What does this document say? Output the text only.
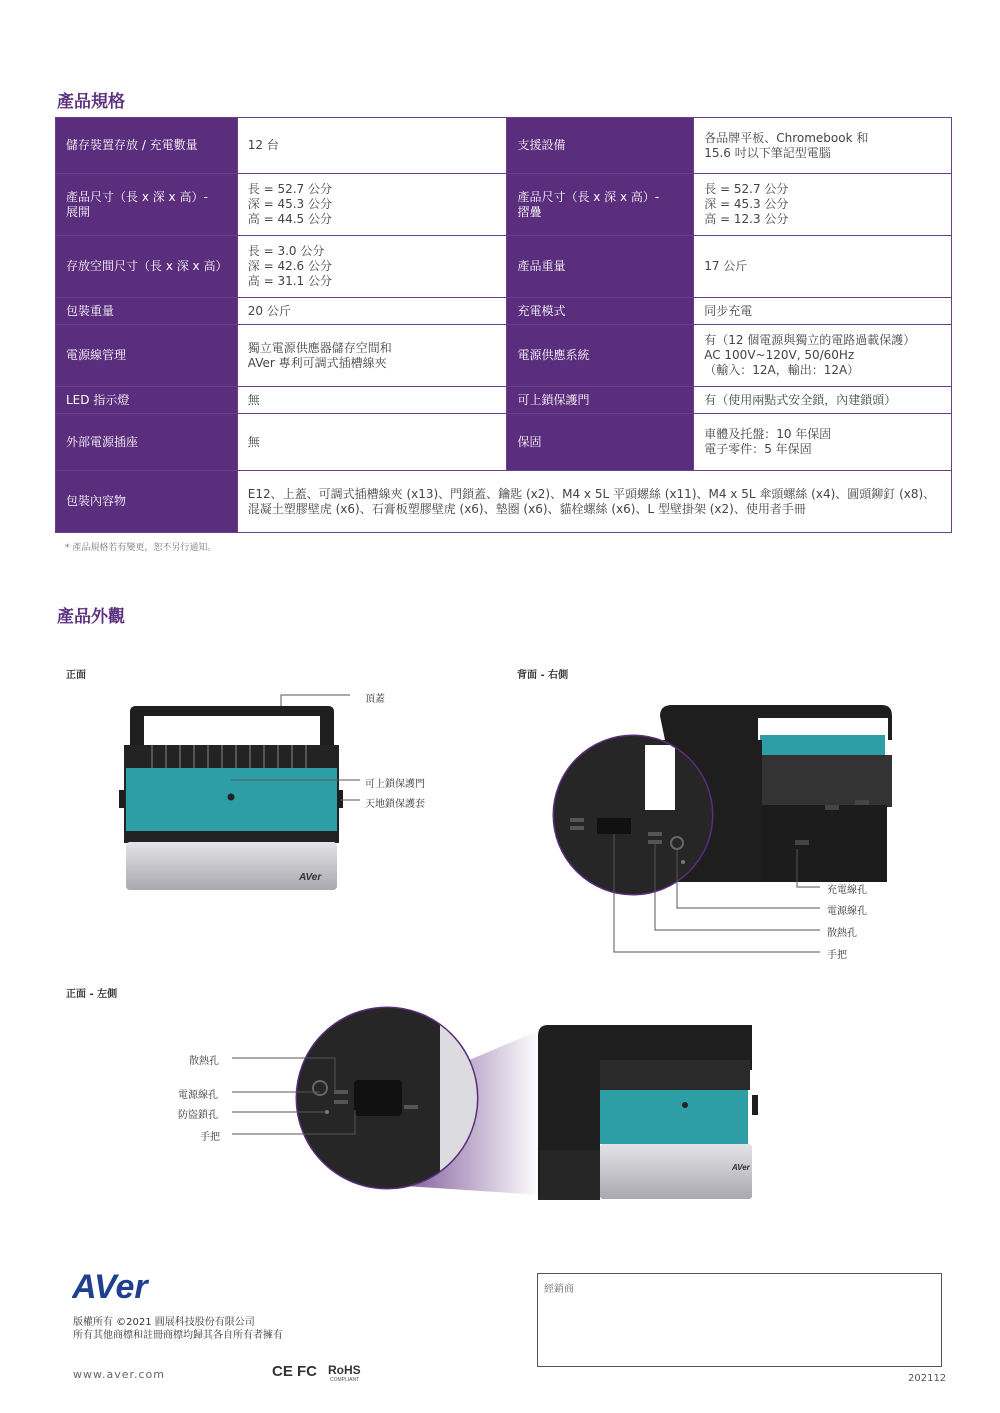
產品規格
儲存裝置存放 / 充電數量	12 台	支援設備	各品牌平板、Chromebook 和
15.6 吋以下筆記型電腦
產品尺寸（長 x 深 x 高）-
展開	長 = 52.7 公分
深 = 45.3 公分
高 = 44.5 公分	產品尺寸（長 x 深 x 高）-
摺疊	長 = 52.7 公分
深 = 45.3 公分
高 = 12.3 公分
存放空間尺寸（長 x 深 x 高）	長 = 3.0 公分
深 = 42.6 公分
高 = 31.1 公分	產品重量	17 公斤
包裝重量	20 公斤	充電模式	同步充電
電源線管理	獨立電源供應器儲存空間和
AVer 專利可調式插槽線夾	電源供應系統	有（12 個電源與獨立的電路過載保護）
AC 100V~120V, 50/60Hz
（輸入：12A，輸出：12A）
LED 指示燈	無	可上鎖保護門	有（使用兩點式安全鎖，內建鎖頭）
外部電源插座	無	保固	車體及托盤：10 年保固
電子零件：5 年保固
包裝內容物	E12、上蓋、可調式插槽線夾 (x13)、門鎖蓋、鑰匙 (x2)、M4 x 5L 平頭螺絲 (x11)、M4 x 5L 傘頭螺絲 (x4)、圓頭鉚釘 (x8)、
混凝土塑膠壁虎 (x6)、石膏板塑膠壁虎 (x6)、墊圈 (x6)、貓栓螺絲 (x6)、L 型壁掛架 (x2)、使用者手冊		
* 產品規格若有變更，恕不另行通知。
產品外觀
正面	背面 - 右側
正面 - 左側
AVer
AVer
頂蓋
可上鎖保護門
天地鎖保護套
充電線孔
電源線孔
散熱孔
手把
散熱孔
電源線孔
防盜鎖孔
手把
AVer
版權所有 ©2021 圓展科技股份有限公司
所有其他商標和註冊商標均歸其各自所有者擁有
www.aver.com	CE FC RoHS
COMPLIANT
經銷商
202112
